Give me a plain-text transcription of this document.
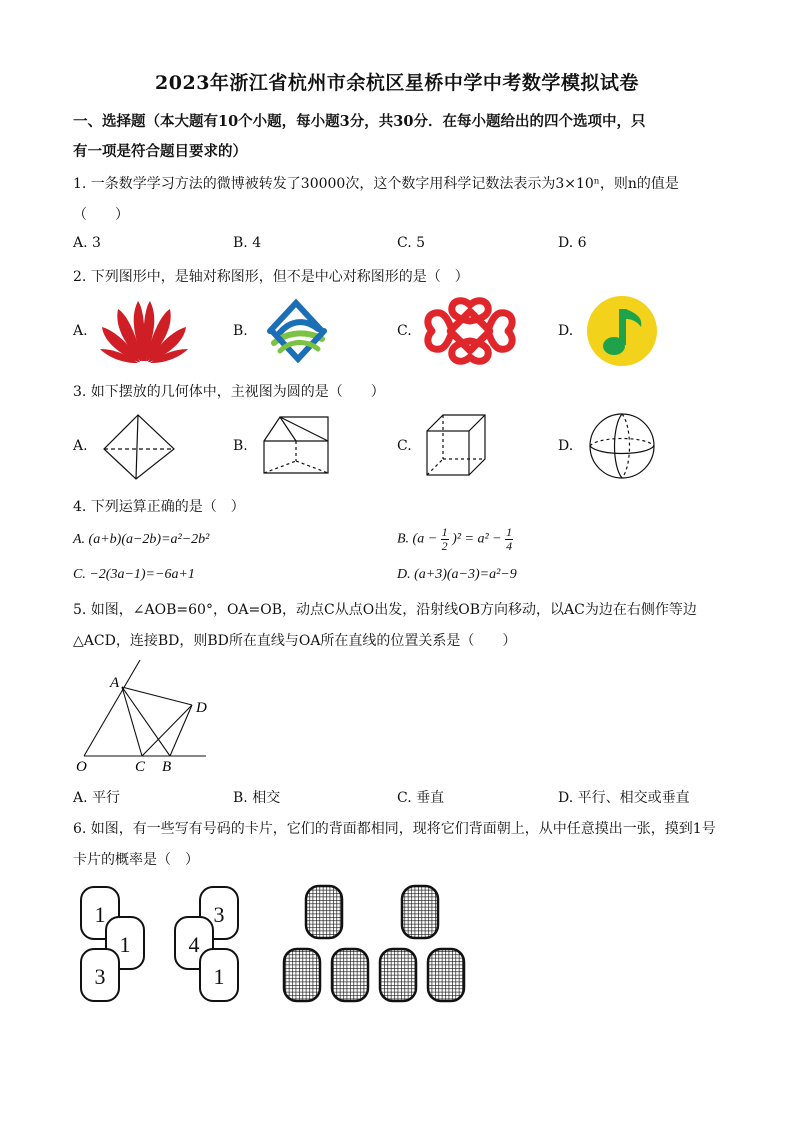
2023年浙江省杭州市余杭区星桥中学中考数学模拟试卷
一、选择题（本大题有10个小题，每小题3分，共30分．在每小题给出的四个选项中，只
有一项是符合题目要求的）
1. 一条数学学习方法的微博被转发了30000次，这个数字用科学记数法表示为3×10ⁿ，则n的值是
（　　）
A. 3	B. 4	C. 5	D. 6
2. 下列图形中，是轴对称图形，但不是中心对称图形的是（　）
A.	B.	C.	D.
3. 如下摆放的几何体中，主视图为圆的是（　　）
A.	B.	C.	D.
4. 下列运算正确的是（　）
A. (a+b)(a−2b)=a²−2b²	B. $(a - \frac{1}{2} )^2 = a^2 - \frac{1}{4}$
C. −2(3a−1)=−6a+1	D. (a+3)(a−3)=a²−9
5. 如图，∠AOB=60°，OA=OB，动点C从点O出发，沿射线OB方向移动，以AC为边在右侧作等边
△ACD，连接BD，则BD所在直线与OA所在直线的位置关系是（　　）
A
D
O	C B
A. 平行	B. 相交	C. 垂直	D. 平行、相交或垂直
6. 如图，有一些写有号码的卡片，它们的背面都相同，现将它们背面朝上，从中任意摸出一张，摸到1号
卡片的概率是（　）
1
1
3
3
4
1
